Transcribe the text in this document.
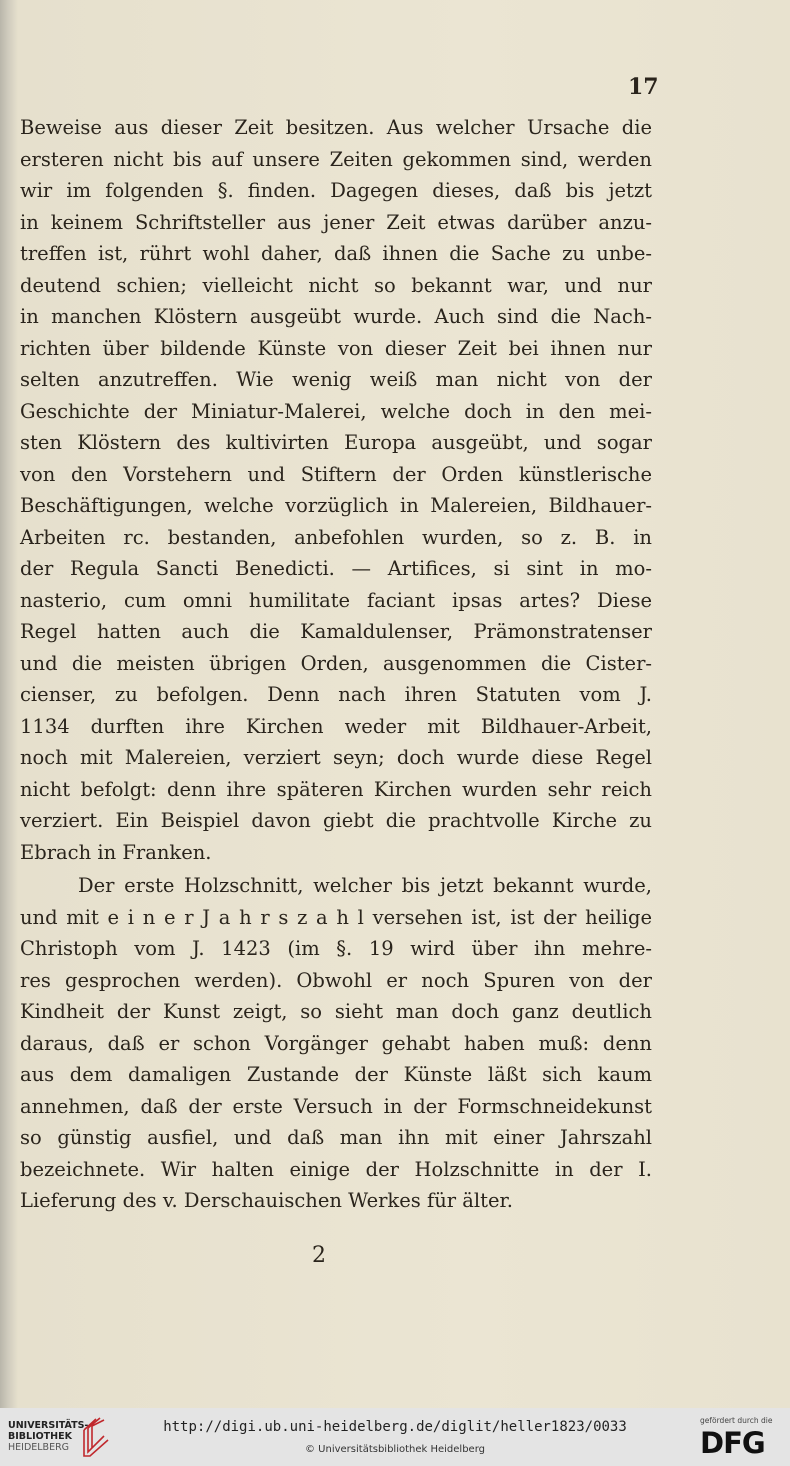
17
Beweise aus dieser Zeit besitzen. Aus welcher Ursache die
ersteren nicht bis auf unsere Zeiten gekommen sind, werden
wir im folgenden §. finden. Dagegen dieses, daß bis jetzt
in keinem Schriftsteller aus jener Zeit etwas darüber anzu-
treffen ist, rührt wohl daher, daß ihnen die Sache zu unbe-
deutend schien; vielleicht nicht so bekannt war, und nur
in manchen Klöstern ausgeübt wurde. Auch sind die Nach-
richten über bildende Künste von dieser Zeit bei ihnen nur
selten anzutreffen. Wie wenig weiß man nicht von der
Geschichte der Miniatur-Malerei, welche doch in den mei-
sten Klöstern des kultivirten Europa ausgeübt, und sogar
von den Vorstehern und Stiftern der Orden künstlerische
Beschäftigungen, welche vorzüglich in Malereien, Bildhauer-
Arbeiten rc. bestanden, anbefohlen wurden, so z. B. in
der Regula Sancti Benedicti. — Artifices, si sint in mo-
nasterio, cum omni humilitate faciant ipsas artes? Diese
Regel hatten auch die Kamaldulenser, Prämonstratenser
und die meisten übrigen Orden, ausgenommen die Cister-
cienser, zu befolgen. Denn nach ihren Statuten vom J.
1134 durften ihre Kirchen weder mit Bildhauer-Arbeit,
noch mit Malereien, verziert seyn; doch wurde diese Regel
nicht befolgt: denn ihre späteren Kirchen wurden sehr reich
verziert. Ein Beispiel davon giebt die prachtvolle Kirche zu
Ebrach in Franken.
Der erste Holzschnitt, welcher bis jetzt bekannt wurde,
und mit e i n e r J a h r s z a h l versehen ist, ist der heilige
Christoph vom J. 1423 (im §. 19 wird über ihn mehre-
res gesprochen werden). Obwohl er noch Spuren von der
Kindheit der Kunst zeigt, so sieht man doch ganz deutlich
daraus, daß er schon Vorgänger gehabt haben muß: denn
aus dem damaligen Zustande der Künste läßt sich kaum
annehmen, daß der erste Versuch in der Formschneidekunst
so günstig ausfiel, und daß man ihn mit einer Jahrszahl
bezeichnete. Wir halten einige der Holzschnitte in der I.
Lieferung des v. Derschauischen Werkes für älter.
2
UNIVERSITÄTS-
BIBLIOTHEK
HEIDELBERG
http://digi.ub.uni-heidelberg.de/diglit/heller1823/0033
© Universitätsbibliothek Heidelberg
gefördert durch die
DFG
